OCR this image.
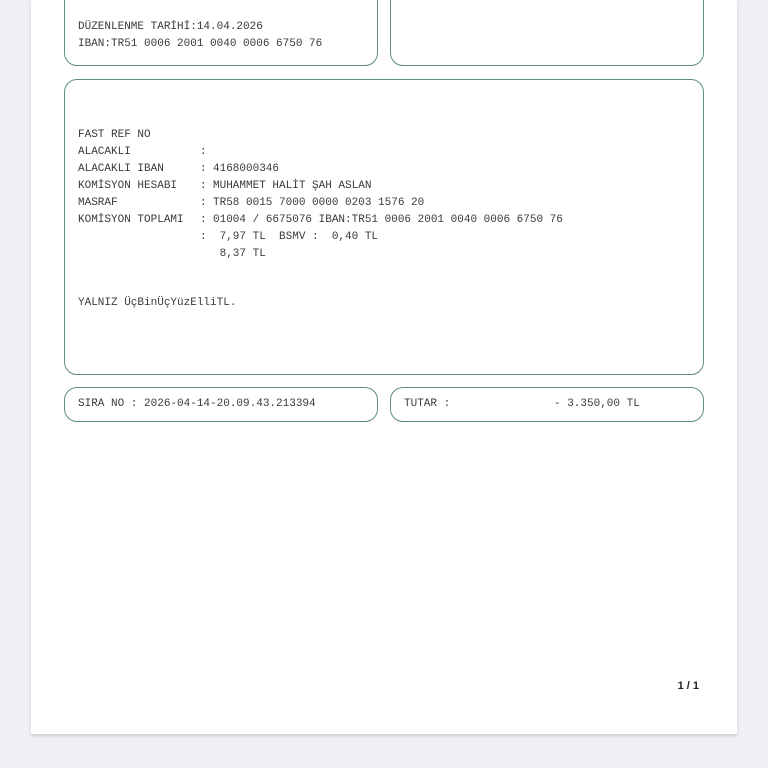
DÜZENLENME TARİHİ:14.04.2026
IBAN:TR51 0006 2001 0040 0006 6750 76

FAST REF NO

:

4168000346

ALACAKLI

:

MUHAMMET HALİT ŞAH ASLAN

ALACAKLI IBAN

:

TR58 0015 7000 0000 0203 1576 20

KOMİSYON HESABI

:

01004 / 6675076 IBAN:TR51 0006 2001 0040 0006 6750 76

MASRAF

:

7,97 TL  BSMV :  0,40 TL

KOMİSYON TOPLAMI

:

8,37 TL

YALNIZ ÜçBinÜçYüzElliTL.
SIRA NO : 2026-04-14-20.09.43.213394	TUTAR :	- 3.350,00 TL
1 / 1
